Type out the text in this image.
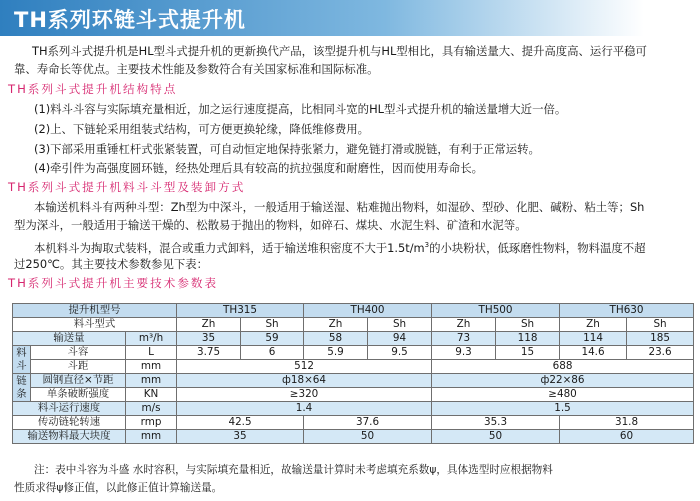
TH系列环链斗式提升机
TH系列斗式提升机是HL型斗式提升机的更新换代产品，该型提升机与HL型相比，具有输送量大、提升高度高、运行平稳可
靠、寿命长等优点。主要技术性能及参数符合有关国家标准和国际标准。
TH系列斗式提升机结构特点
(1)料斗斗容与实际填充量相近，加之运行速度提高，比相同斗宽的HL型斗式提升机的输送量增大近一倍。
(2)上、下链轮采用组装式结构，可方便更换轮缘，降低维修费用。
(3)下部采用重锤杠杆式张紧装置，可自动恒定地保持张紧力，避免链打滑或脱链，有利于正常运转。
(4)牵引件为高强度圆环链，经热处理后具有较高的抗拉强度和耐磨性，因而使用寿命长。
TH系列斗式提升机料斗斗型及装卸方式
本输送机料斗有两种斗型：Zh型为中深斗，一般适用于输送湿、粘难抛出物料，如湿砂、型砂、化肥、碱粉、粘土等；Sh
型为深斗，一般适用于输送干燥的、松散易于抛出的物料，如碎石、煤块、水泥生料、矿渣和水泥等。
本机料斗为掏取式装料，混合或重力式卸料，适于输送堆积密度不大于$1.5t/m^3$的小块粉状，低琢磨性物料，物料温度不超
过250℃。其主要技术参数参见下表：
TH系列斗式提升机主要技术参数表
提升机型号			TH315		TH400		TH500		TH630	
料斗型式			Zh	Sh	Zh	Sh	Zh	Sh	Zh	Sh
输送量		m³/h	35	59	58	94	73	118	114	185
料斗	斗容	L	3.75	6	5.9	9.5	9.3	15	14.6	23.6
	斗距	mm	512				688			
链条	圆钢直径×节距	mm	ф18×64				ф22×86			
	单条破断强度	KN	≥320				≥480			
料斗运行速度		m/s	1.4				1.5			
传动链轮转速		rmp	42.5		37.6		35.3		31.8	
输送物料最大块度		mm	35		50		50		60	
注：表中斗容为斗盛 水时容积，与实际填充量相近，故输送量计算时未考虑填充系数ψ，具体选型时应根据物料
性质求得ψ修正值，以此修正值计算输送量。
